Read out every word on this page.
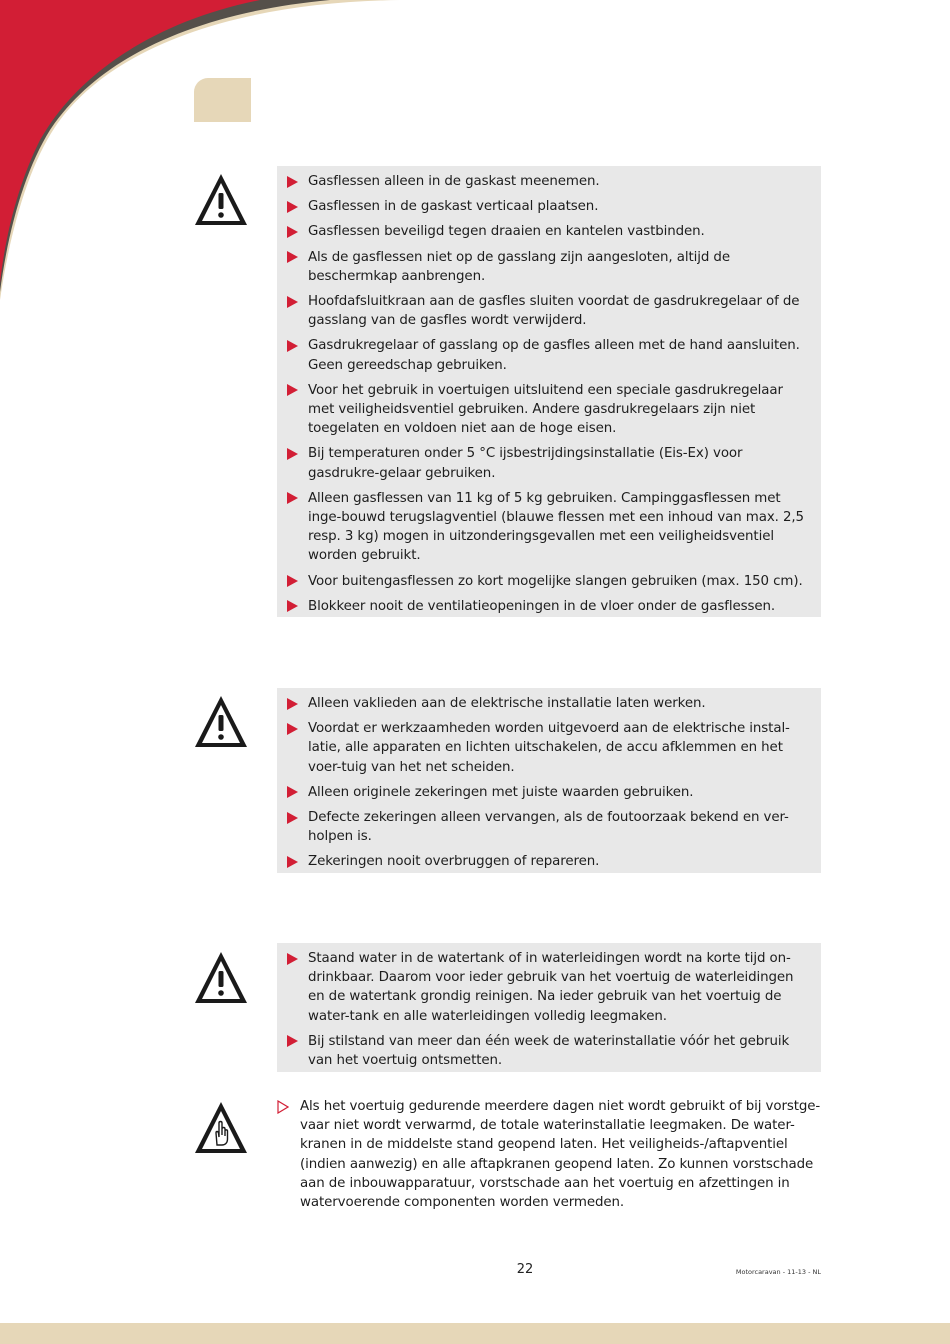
Gasflessen alleen in de gaskast meenemen.
Gasflessen in de gaskast verticaal plaatsen.
Gasflessen beveiligd tegen draaien en kantelen vastbinden.
Als de gasflessen niet op de gasslang zijn aangesloten, altijd de beschermkap aanbrengen.
Hoofdafsluitkraan aan de gasfles sluiten voordat de gasdrukregelaar of de gasslang van de gasfles wordt verwijderd.
Gasdrukregelaar of gasslang op de gasfles alleen met de hand aansluiten. Geen gereedschap gebruiken.
Voor het gebruik in voertuigen uitsluitend een speciale gasdrukregelaar met veiligheidsventiel gebruiken. Andere gasdrukregelaars zijn niet toegelaten en voldoen niet aan de hoge eisen.
Bij temperaturen onder 5 °C ijsbestrijdingsinstallatie (Eis-Ex) voor gasdrukre-gelaar gebruiken.
Alleen gasflessen van 11 kg of 5 kg gebruiken. Campinggasflessen met inge-bouwd terugslagventiel (blauwe flessen met een inhoud van max. 2,5 resp. 3 kg) mogen in uitzonderingsgevallen met een veiligheidsventiel worden gebruikt.
Voor buitengasflessen zo kort mogelijke slangen gebruiken (max. 150 cm).
Blokkeer nooit de ventilatieopeningen in de vloer onder de gasflessen.
Alleen vaklieden aan de elektrische installatie laten werken.
Voordat er werkzaamheden worden uitgevoerd aan de elektrische instal-latie, alle apparaten en lichten uitschakelen, de accu afklemmen en het voer-tuig van het net scheiden.
Alleen originele zekeringen met juiste waarden gebruiken.
Defecte zekeringen alleen vervangen, als de foutoorzaak bekend en ver-holpen is.
Zekeringen nooit overbruggen of repareren.
Staand water in de watertank of in waterleidingen wordt na korte tijd on-drinkbaar. Daarom voor ieder gebruik van het voertuig de waterleidingen en de watertank grondig reinigen. Na ieder gebruik van het voertuig de water-tank en alle waterleidingen volledig leegmaken.
Bij stilstand van meer dan één week de waterinstallatie vóór het gebruik van het voertuig ontsmetten.
Als het voertuig gedurende meerdere dagen niet wordt gebruikt of bij vorstge-vaar niet wordt verwarmd, de totale waterinstallatie leegmaken. De water-kranen in de middelste stand geopend laten. Het veiligheids-/aftapventiel (indien aanwezig) en alle aftapkranen geopend laten. Zo kunnen vorstschade aan de inbouwapparatuur, vorstschade aan het voertuig en afzettingen in watervoerende componenten worden vermeden.
22	Motorcaravan - 11-13 - NL
